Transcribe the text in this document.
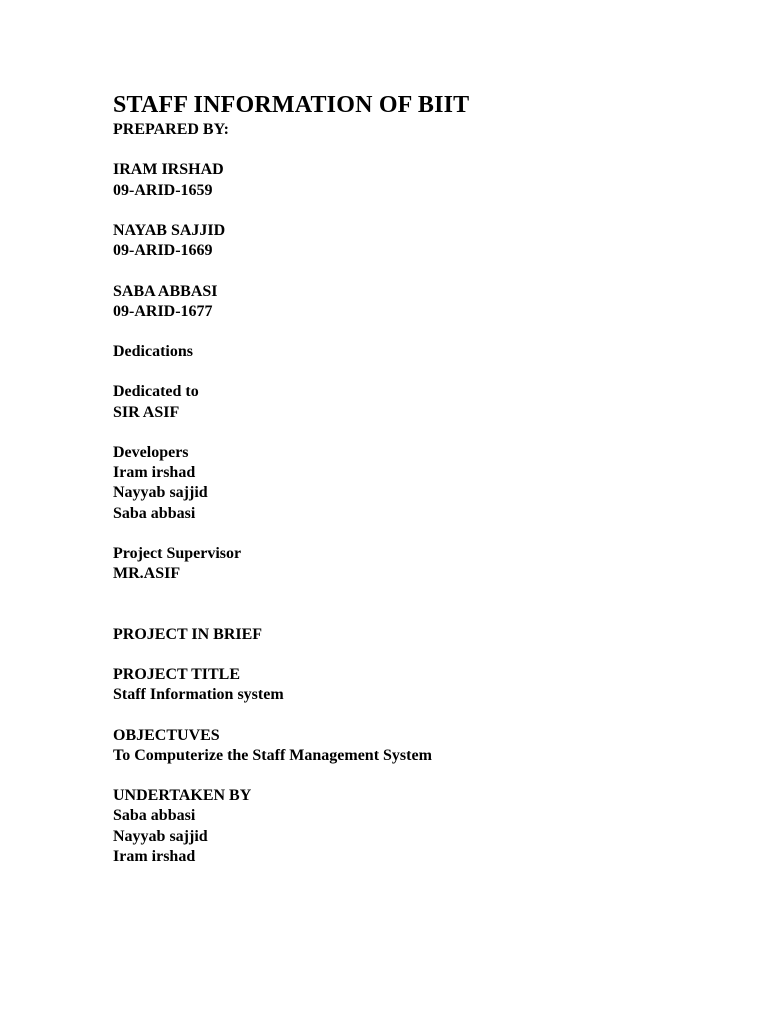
STAFF INFORMATION OF BIIT
PREPARED BY:
IRAM IRSHAD
09-ARID-1659
NAYAB SAJJID
09-ARID-1669
SABA ABBASI
09-ARID-1677
Dedications
Dedicated to
SIR ASIF
Developers
Iram irshad
Nayyab sajjid
Saba abbasi
Project Supervisor
MR.ASIF
PROJECT IN BRIEF
PROJECT TITLE
Staff Information system
OBJECTUVES
To Computerize the Staff Management System
UNDERTAKEN BY
Saba abbasi
Nayyab sajjid
Iram irshad
